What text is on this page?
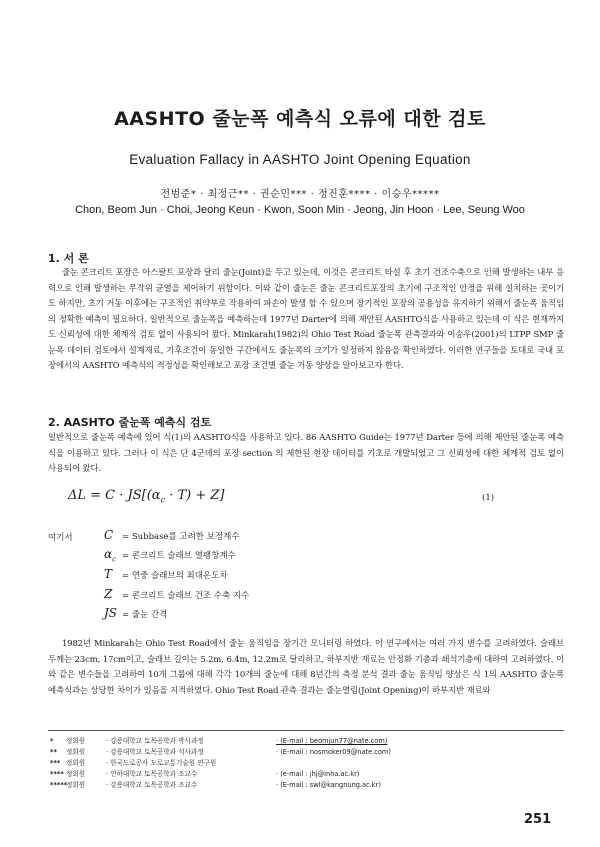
AASHTO 줄눈폭 예측식 오류에 대한 검토
Evaluation Fallacy in AASHTO Joint Opening Equation
전범준* · 최정근** · 권순민*** · 정진훈**** · 이승우*****
Chon, Beom Jun · Choi, Jeong Keun · Kwon, Soon Min · Jeong, Jin Hoon · Lee, Seung Woo
1. 서 론
줄눈 콘크리트 포장은 아스팔트 포장과 달리 줄눈(Joint)을 두고 있는데, 이것은 콘크리트 타설 후 초기 건조수축으로 인해 발생하는 내부 응력으로 인해 발생하는 무작위 균열을 제어하기 위함이다. 이와 같이 줄눈은 줄눈 콘크리트포장의 초기에 구조적인 안정을 위해 설치하는 곳이기도 하지만, 초기 거동 이후에는 구조적인 취약부로 작용하여 파손이 발생 할 수 있으며 장기적인 포장의 공용성을 유지하기 위해서 줄눈폭 움직임의 정확한 예측이 필요하다. 일반적으로 줄눈폭을 예측하는데 1977년 Darter에 의해 제안된 AASHTO식을 사용하고 있는데 이 식은 현재까지도 신뢰성에 대한 체계적 검토 없이 사용되어 왔다. Minkarah(1982)의 Ohio Test Road 줄눈폭 관측결과와 이승우(2001)의 LTPP SMP 줄눈폭 데이터 검토에서 설계재료, 기후조건이 동일한 구간에서도 줄눈폭의 크기가 일정하지 않음을 확인하였다. 이러한 연구들을 토대로 국내 포장에서의 AASHTO 예측식의 적정성을 확인해보고 포장 조건별 줄눈 거동 양상을 알아보고자 한다.
2. AASHTO 줄눈폭 예측식 검토
일반적으로 줄눈폭 예측에 있어 식(1)의 AASHTO식을 사용하고 있다. 86 AASHTO Guide는 1977년 Darter 등에 의해 제안된 줄눈폭 예측식을 이용하고 있다. 그러나 이 식은 단 4군데의 포장 section 의 제한된 현장 데이터를 기초로 개발되었고 그 신뢰성에 대한 체계적 검토 없이 사용되어 왔다.
$\Delta L = C \cdot JS[(\alpha_c \cdot T) + Z]$	(1)
여기서	C = Subbase를 고려한 보정계수
$\alpha_c$ = 콘크리트 슬래브 열팽창계수
T = 연중 슬래브의 최대온도차
Z = 콘크리트 슬래브 건조 수축 지수
JS = 줄눈 간격
1982년 Minkarah는 Ohio Test Road에서 줄눈 움직임을 장기간 모니터링 하였다. 이 연구에서는 여러 가지 변수를 고려하였다. 슬래브 두께는 23cm, 17cm이고, 슬래브 길이는 5.2m, 6.4m, 12.2m로 달리하고, 하부지반 재료는 안정화 기층과 쇄석기층에 대하여 고려하였다. 이와 같은 변수들을 고려하여 10개 그룹에 대해 각각 10개의 줄눈에 대해 8년간의 측정 분석 결과 줄눈 움직임 양상은 식 1의 AASHTO 줄눈폭 예측식과는 상당한 차이가 있음을 지적하였다. Ohio Test Road 관측 결과는 줄눈열림(Joint Opening)이 하부지반 재료와
* 정회원	· 강릉대학교 토목공학과 박사과정	· (E-mail : beomjun77@nate.com)
** 정회원	· 강릉대학교 토목공학과 석사과정	· (E-mail : nosmoker09@nate.com)
*** 정회원	· 한국도로공사 도로교통기술원 연구원
**** 정회원	· 인하대학교 토목공학과 조교수	· (e-mail : jhj@inha.ac.kr)
*****정회원	· 강릉대학교 토목공학과 조교수	· (E-mail : swl@kangnung.ac.kr)
251
